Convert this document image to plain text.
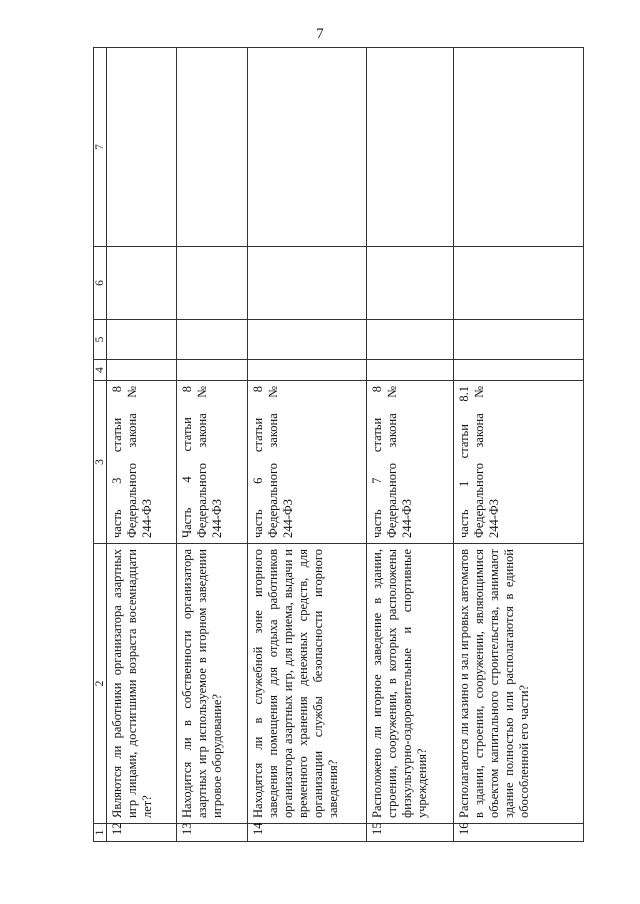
7
1	2	3	4	5	6	7
12	Являются ли работники организатора азартных игр лицами, достигшими возраста восемнадцати лет?	часть 3 статьи 8 Федерального закона № 244-ФЗ				
13	Находится ли в собственности организатора азартных игр используемое в игорном заведении игровое оборудование?	Часть 4 статьи 8 Федерального закона № 244-ФЗ				
14	Находятся ли в служебной зоне игорного заведения помещения для отдыха работников организатора азартных игр, для приема, выдачи и временного хранения денежных средств, для организации службы безопасности игорного заведения?	часть 6 статьи 8 Федерального закона № 244-ФЗ				
15	Расположено ли игорное заведение в здании, строении, сооружении, в которых расположены физкультурно-оздоровительные и спортивные учреждения?	часть 7 статьи 8 Федерального закона № 244-ФЗ				
16	Располагаются ли казино и зал игровых автоматов в здании, строении, сооружении, являющимися объектом капитального строительства, занимают здание полностью или располагаются в единой обособленной его части?	часть 1 статьи 8.1 Федерального закона № 244-ФЗ				
